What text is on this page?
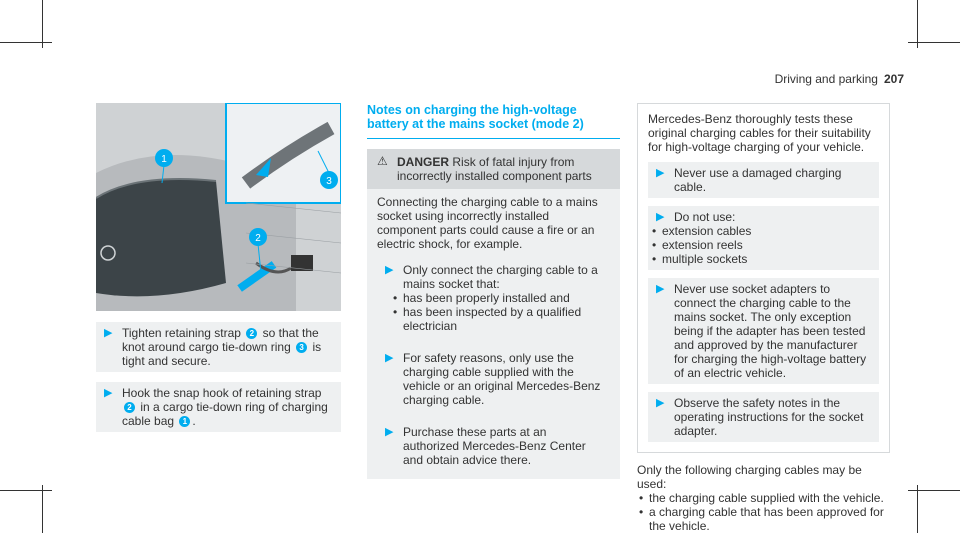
Driving and parking 207
1
2
3
▶ Tighten retaining strap 2 so that the knot around cargo tie-down ring 3 is tight and secure.
▶ Hook the snap hook of retaining strap 2 in a cargo tie-down ring of charging cable bag 1 .
Notes on charging the high-voltage battery at the mains socket (mode 2)
⚠ DANGER Risk of fatal injury from incorrectly installed component parts

Connecting the charging cable to a mains socket using incorrectly installed component parts could cause a fire or an electric shock, for example.

▶ Only connect the charging cable to a mains socket that:
• has been properly installed and
• has been inspected by a qualified electrician
▶ For safety reasons, only use the charging cable supplied with the vehicle or an original Mercedes-Benz charging cable.
▶ Purchase these parts at an authorized Mercedes-Benz Center and obtain advice there.

Mercedes-Benz thoroughly tests these original charging cables for their suitability for high-voltage charging of your vehicle.

▶ Never use a damaged charging cable.
▶ Do not use:
• extension cables
• extension reels
• multiple sockets
▶ Never use socket adapters to connect the charging cable to the mains socket. The only exception being if the adapter has been tested and approved by the manufacturer for charging the high-voltage battery of an electric vehicle.
▶ Observe the safety notes in the operating instructions for the socket adapter.

Only the following charging cables may be used:

• the charging cable supplied with the vehicle.
• a charging cable that has been approved for the vehicle.
